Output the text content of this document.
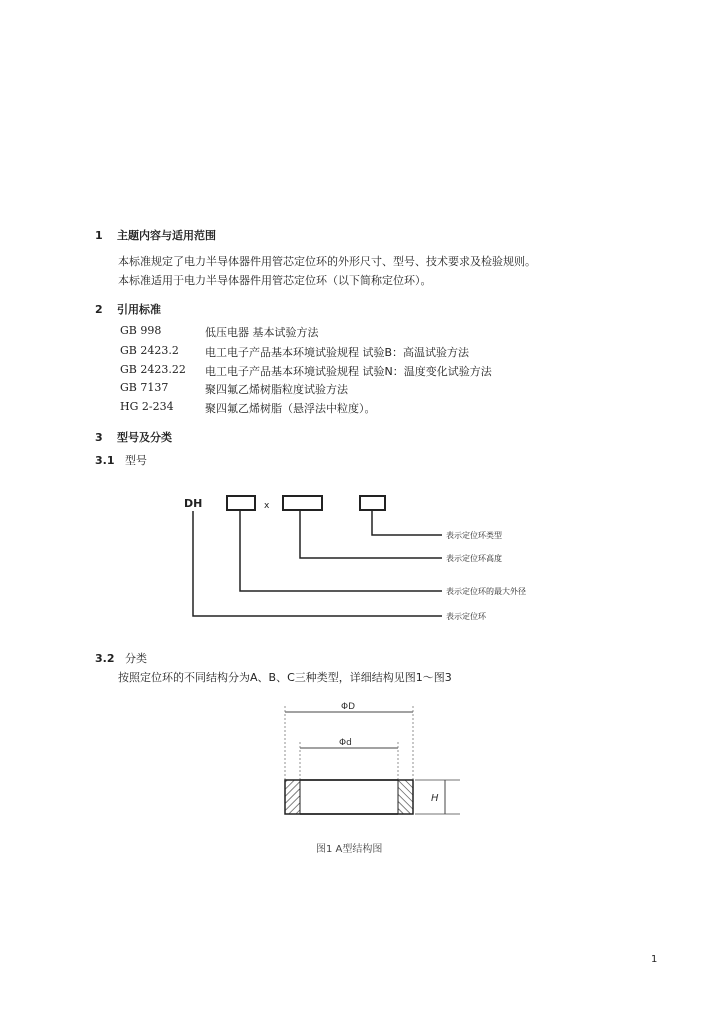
1 主题内容与适用范围
本标准规定了电力半导体器件用管芯定位环的外形尺寸、型号、技术要求及检验规则。
本标准适用于电力半导体器件用管芯定位环（以下简称定位环）。
2 引用标准
GB 998	低压电器 基本试验方法
GB 2423.2 电工电子产品基本环境试验规程 试验B：高温试验方法
GB 2423.22 电工电子产品基本环境试验规程 试验N：温度变化试验方法
GB 7137	聚四氟乙烯树脂粒度试验方法
HG 2-234	聚四氟乙烯树脂（悬浮法中粒度）。
3 型号及分类
3.1 型号
DH	x
表示定位环类型
表示定位环高度
表示定位环的最大外径
表示定位环
3.2 分类
按照定位环的不同结构分为A、B、C三种类型，详细结构见图1～图3
ΦD
Φd
H
图1 A型结构图
1
